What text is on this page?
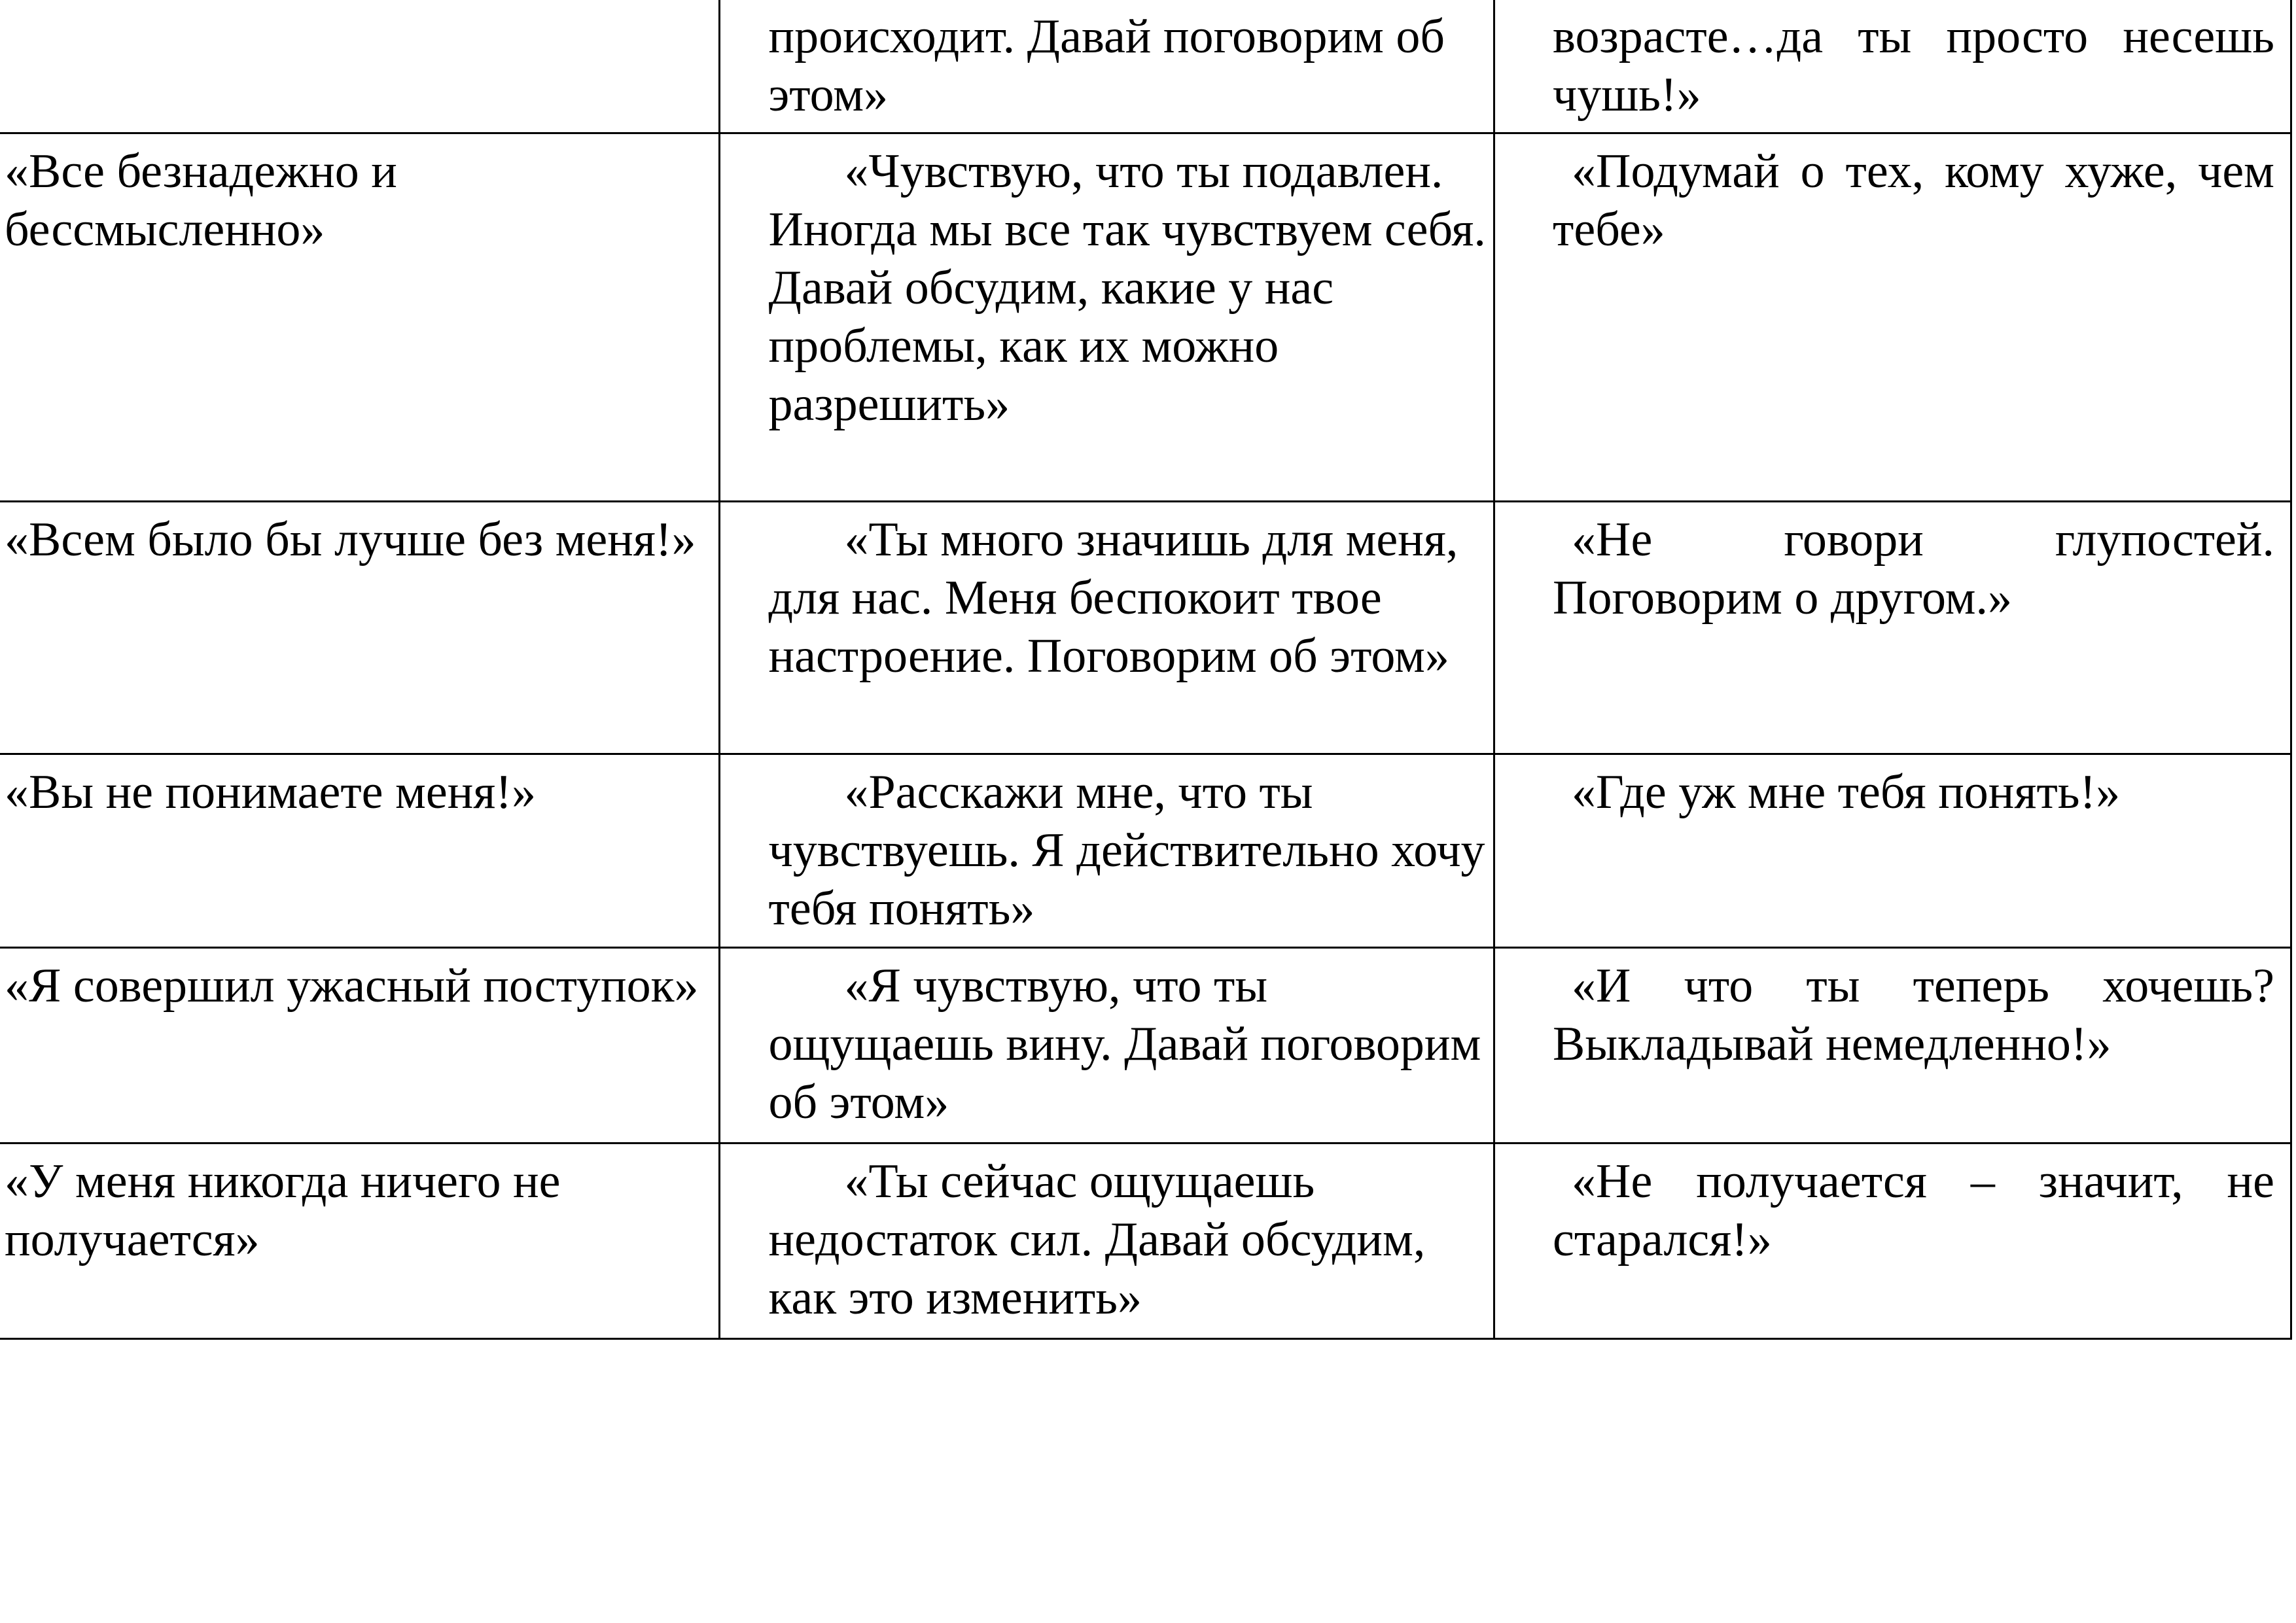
	происходит. Давай поговорим об этом»	возрасте…да ты просто несешь чушь!»

«Все безнадежно и бессмысленно»	«Чувствую, что ты подавлен. Иногда мы все так чувствуем себя. Давай обсудим, какие у нас проблемы, как их можно разрешить»	«Подумай о тех, кому хуже, чем тебе»

«Всем было бы лучше без меня!»	«Ты много значишь для меня, для нас. Меня беспокоит твое настроение. Поговорим об этом»	«Не говори глупостей. Поговорим о другом.»

«Вы не понимаете меня!»	«Расскажи мне, что ты чувствуешь. Я действительно хочу тебя понять»	«Где уж мне тебя понять!»

«Я совершил ужасный поступок»	«Я чувствую, что ты ощущаешь вину. Давай поговорим об этом»	«И что ты теперь хочешь? Выкладывай немедленно!»

«У меня никогда ничего не получается»	«Ты сейчас ощущаешь недостаток сил. Давай обсудим, как это изменить»	«Не получается – значит, не старался!»
